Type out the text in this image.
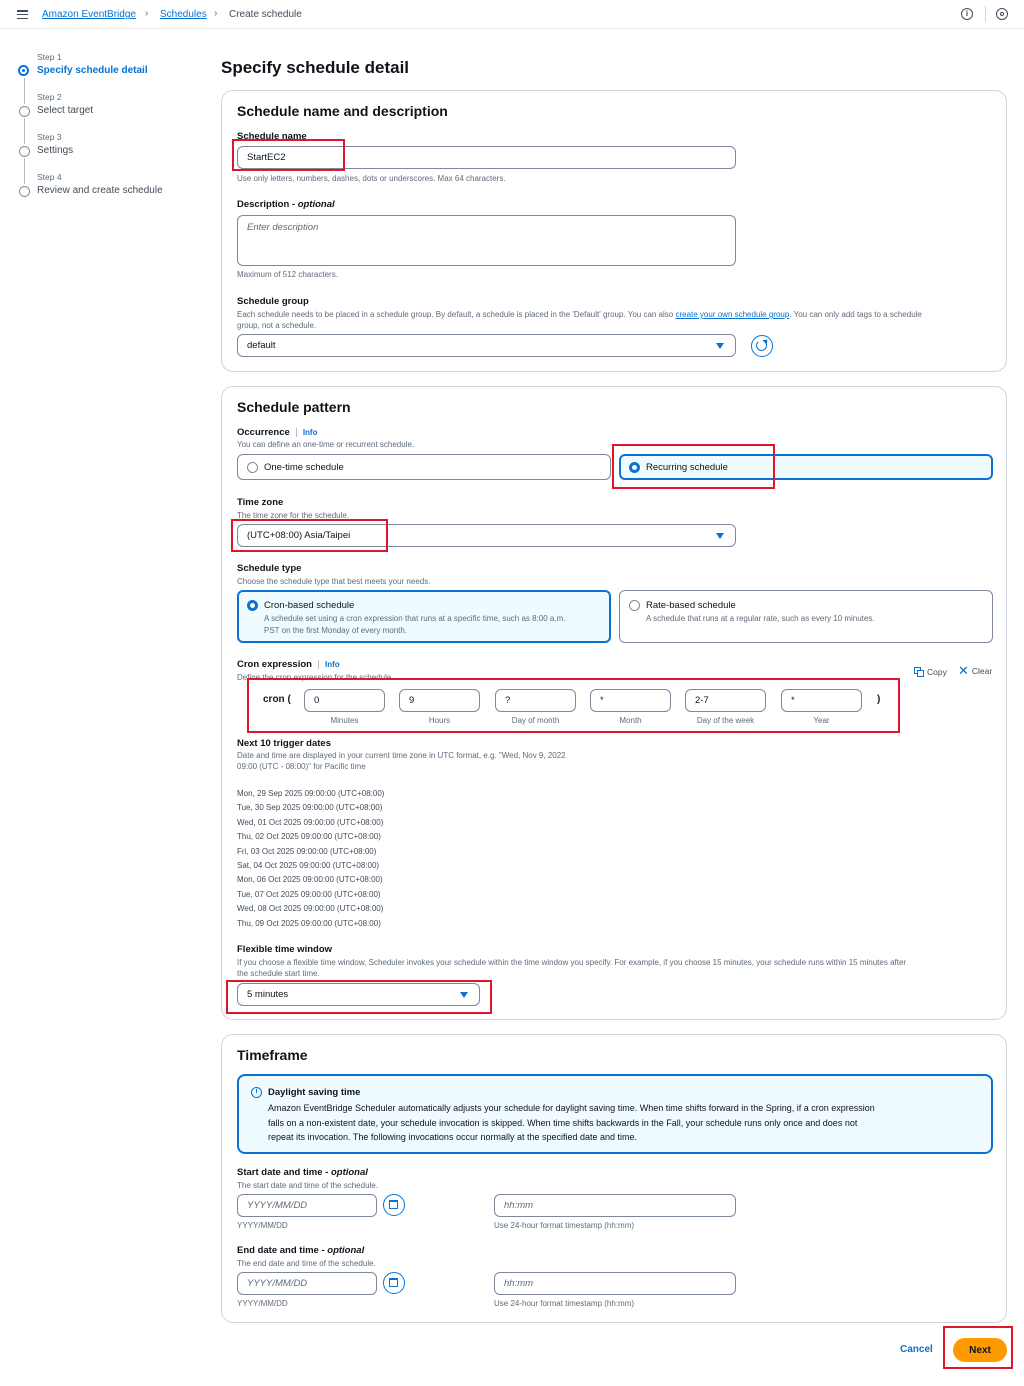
Amazon EventBridge › Schedules › Create schedule	i
Step 1
Specify schedule detail
Step 2
Select target
Step 3
Settings
Step 4
Review and create schedule
Specify schedule detail
Schedule name and description
Schedule name
StartEC2
Use only letters, numbers, dashes, dots or underscores. Max 64 characters.
Description - optional
Enter description
Maximum of 512 characters.
Schedule group
Each schedule needs to be placed in a schedule group. By default, a schedule is placed in the 'Default' group. You can also create your own schedule group. You can only add tags to a schedule
group, not a schedule.
default
Schedule pattern
Occurrence Info
You can define an one-time or recurrent schedule.
One-time schedule	Recurring schedule
Time zone
The time zone for the schedule.
(UTC+08:00) Asia/Taipei
Schedule type
Choose the schedule type that best meets your needs.
Cron-based schedule
A schedule set using a cron expression that runs at a specific time, such as 8:00 a.m.
PST on the first Monday of every month.
Rate-based schedule
A schedule that runs at a regular rate, such as every 10 minutes.
Cron expression Info
Define the cron expression for the schedule.
Copy ✕ Clear
cron ( 0
Minutes
9
Hours
?
Day of month
*
Month
2-7
Day of the week
*
Year
)
Next 10 trigger dates
Date and time are displayed in your current time zone in UTC format, e.g. "Wed, Nov 9, 2022
09:00 (UTC - 08:00)" for Pacific time
Mon, 29 Sep 2025 09:00:00 (UTC+08:00)
Tue, 30 Sep 2025 09:00:00 (UTC+08:00)
Wed, 01 Oct 2025 09:00:00 (UTC+08:00)
Thu, 02 Oct 2025 09:00:00 (UTC+08:00)
Fri, 03 Oct 2025 09:00:00 (UTC+08:00)
Sat, 04 Oct 2025 09:00:00 (UTC+08:00)
Mon, 06 Oct 2025 09:00:00 (UTC+08:00)
Tue, 07 Oct 2025 09:00:00 (UTC+08:00)
Wed, 08 Oct 2025 09:00:00 (UTC+08:00)
Thu, 09 Oct 2025 09:00:00 (UTC+08:00)
Flexible time window
If you choose a flexible time window, Scheduler invokes your schedule within the time window you specify. For example, if you choose 15 minutes, your schedule runs within 15 minutes after
the schedule start time.
5 minutes
Timeframe
i	Daylight saving time
Amazon EventBridge Scheduler automatically adjusts your schedule for daylight saving time. When time shifts forward in the Spring, if a cron expression
falls on a non-existent date, your schedule invocation is skipped. When time shifts backwards in the Fall, your schedule runs only once and does not
repeat its invocation. The following invocations occur normally at the specified date and time.
Start date and time - optional
The start date and time of the schedule.
YYYY/MM/DD	hh:mm
YYYY/MM/DD	Use 24-hour format timestamp (hh:mm)
End date and time - optional
The end date and time of the schedule.
YYYY/MM/DD	hh:mm
YYYY/MM/DD	Use 24-hour format timestamp (hh:mm)
Cancel	Next
